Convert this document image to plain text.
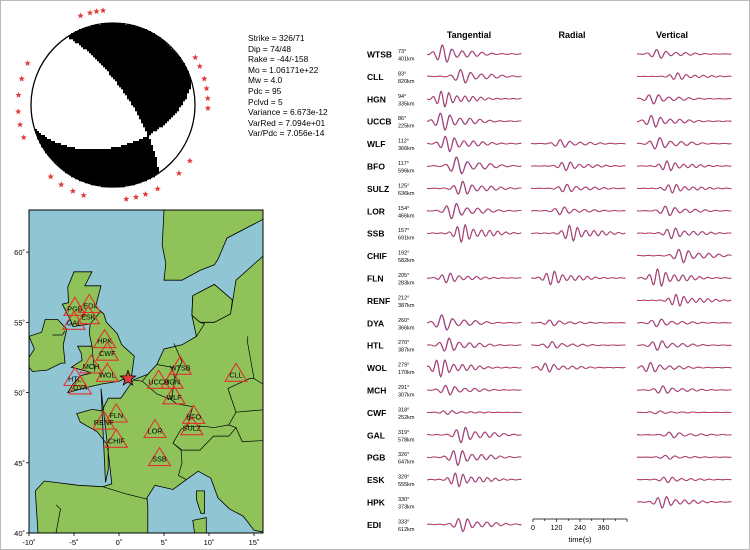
-10˚	-5˚	0˚	5˚	10˚	15˚
40˚
45˚
50˚
55˚
60˚
PGB EDI
ESK
GAL
HPK
CWF
MCH
WOL
HTL
DYA
FLN
RENF
CHIF
LOR
SSB
BFO
SULZ
WTSB
HGN
UCCB
WLF
CLL
Tangential	Radial	Vertical
WTSB 73°
401km
CLL	83°
820km
HGN 94°
335km
UCCB 86°
225km
WLF 112°
366km
BFO 117°
596km
SULZ 125°
636km
LOR 154°
466km
SSB 157°
691km
CHIF 192°
582km
FLN	205°
283km
RENF 212°
387km
DYA	260°
366km
HTL	270°
387km
WOL 279°
170km
MCH 291°
307km
CWF 318°
252km
GAL 319°
578km
PGB 326°
647km
ESK 329°
555km
HPK 330°
373km
EDI	333°
612km	0 120 240 360
time(s)
Strike = 326/71
Dip = 74/48
Rake = -44/-158
Mo = 1.06171e+22
Mw = 4.0
Pdc = 95
Pclvd = 5
Variance = 6.673e-12
VarRed = 7.094e+01
Var/Pdc = 7.056e-14
